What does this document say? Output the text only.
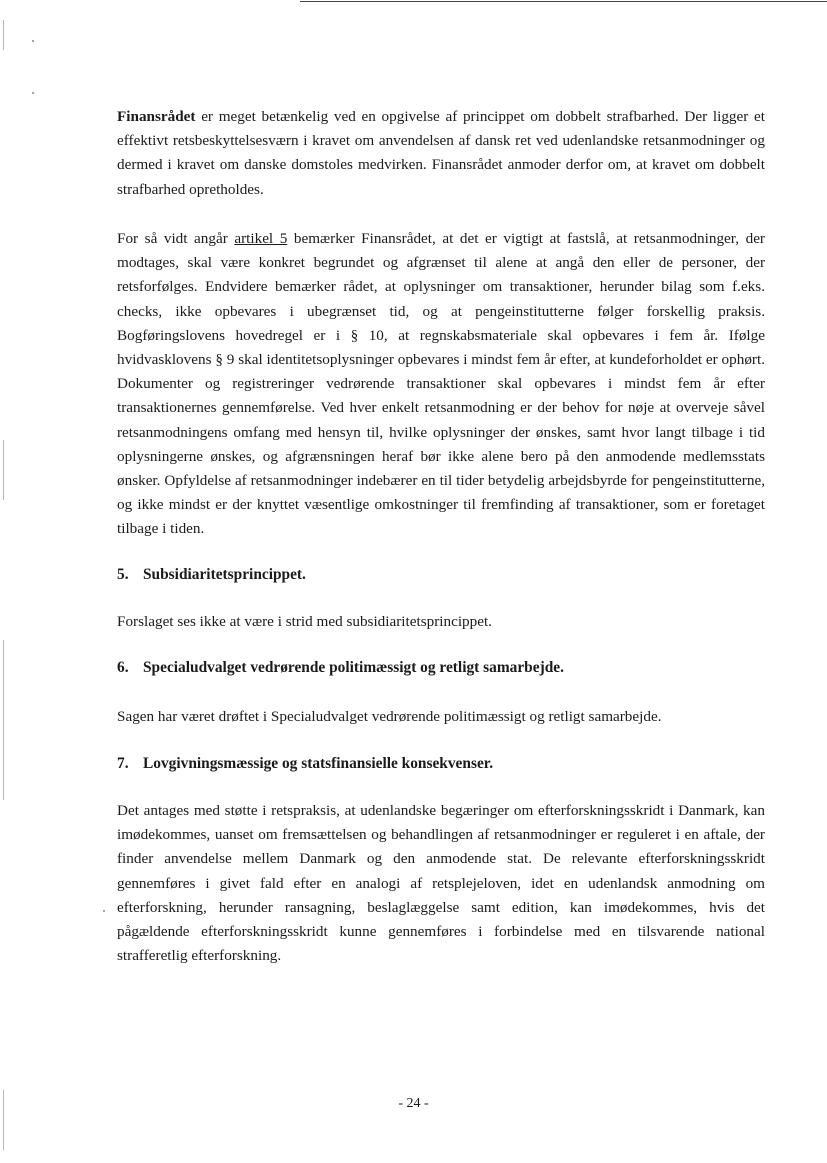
Finansrådet er meget betænkelig ved en opgivelse af princippet om dobbelt strafbarhed. Der ligger et effektivt retsbeskyttelsesværn i kravet om anvendelsen af dansk ret ved udenlandske retsanmodninger og dermed i kravet om danske domstoles medvirken. Finansrådet anmoder derfor om, at kravet om dobbelt strafbarhed opretholdes.
For så vidt angår artikel 5 bemærker Finansrådet, at det er vigtigt at fastslå, at retsanmodninger, der modtages, skal være konkret begrundet og afgrænset til alene at angå den eller de personer, der retsforfølges. Endvidere bemærker rådet, at oplysninger om transaktioner, herunder bilag som f.eks. checks, ikke opbevares i ubegrænset tid, og at pengeinstitutterne følger forskellig praksis. Bogføringslovens hovedregel er i § 10, at regnskabsmateriale skal opbevares i fem år. Ifølge hvidvasklovens § 9 skal identitetsoplysninger opbevares i mindst fem år efter, at kundeforholdet er ophørt. Dokumenter og registreringer vedrørende transaktioner skal opbevares i mindst fem år efter transaktionernes gennemførelse. Ved hver enkelt retsanmodning er der behov for nøje at overveje såvel retsanmodningens omfang med hensyn til, hvilke oplysninger der ønskes, samt hvor langt tilbage i tid oplysningerne ønskes, og afgrænsningen heraf bør ikke alene bero på den anmodende medlemsstats ønsker. Opfyldelse af retsanmodninger indebærer en til tider betydelig arbejdsbyrde for pengeinstitutterne, og ikke mindst er der knyttet væsentlige omkostninger til fremfinding af transaktioner, som er foretaget tilbage i tiden.
5. Subsidiaritetsprincippet.
Forslaget ses ikke at være i strid med subsidiaritetsprincippet.
6. Specialudvalget vedrørende politimæssigt og retligt samarbejde.
Sagen har været drøftet i Specialudvalget vedrørende politimæssigt og retligt samarbejde.
7. Lovgivningsmæssige og statsfinansielle konsekvenser.
Det antages med støtte i retspraksis, at udenlandske begæringer om efterforskningsskridt i Danmark, kan imødekommes, uanset om fremsættelsen og behandlingen af retsanmodninger er reguleret i en aftale, der finder anvendelse mellem Danmark og den anmodende stat. De relevante efterforskningsskridt gennemføres i givet fald efter en analogi af retsplejeloven, idet en udenlandsk anmodning om efterforskning, herunder ransagning, beslaglæggelse samt edition, kan imødekommes, hvis det pågældende efterforskningsskridt kunne gennemføres i forbindelse med en tilsvarende national strafferetlig efterforskning.
- 24 -
